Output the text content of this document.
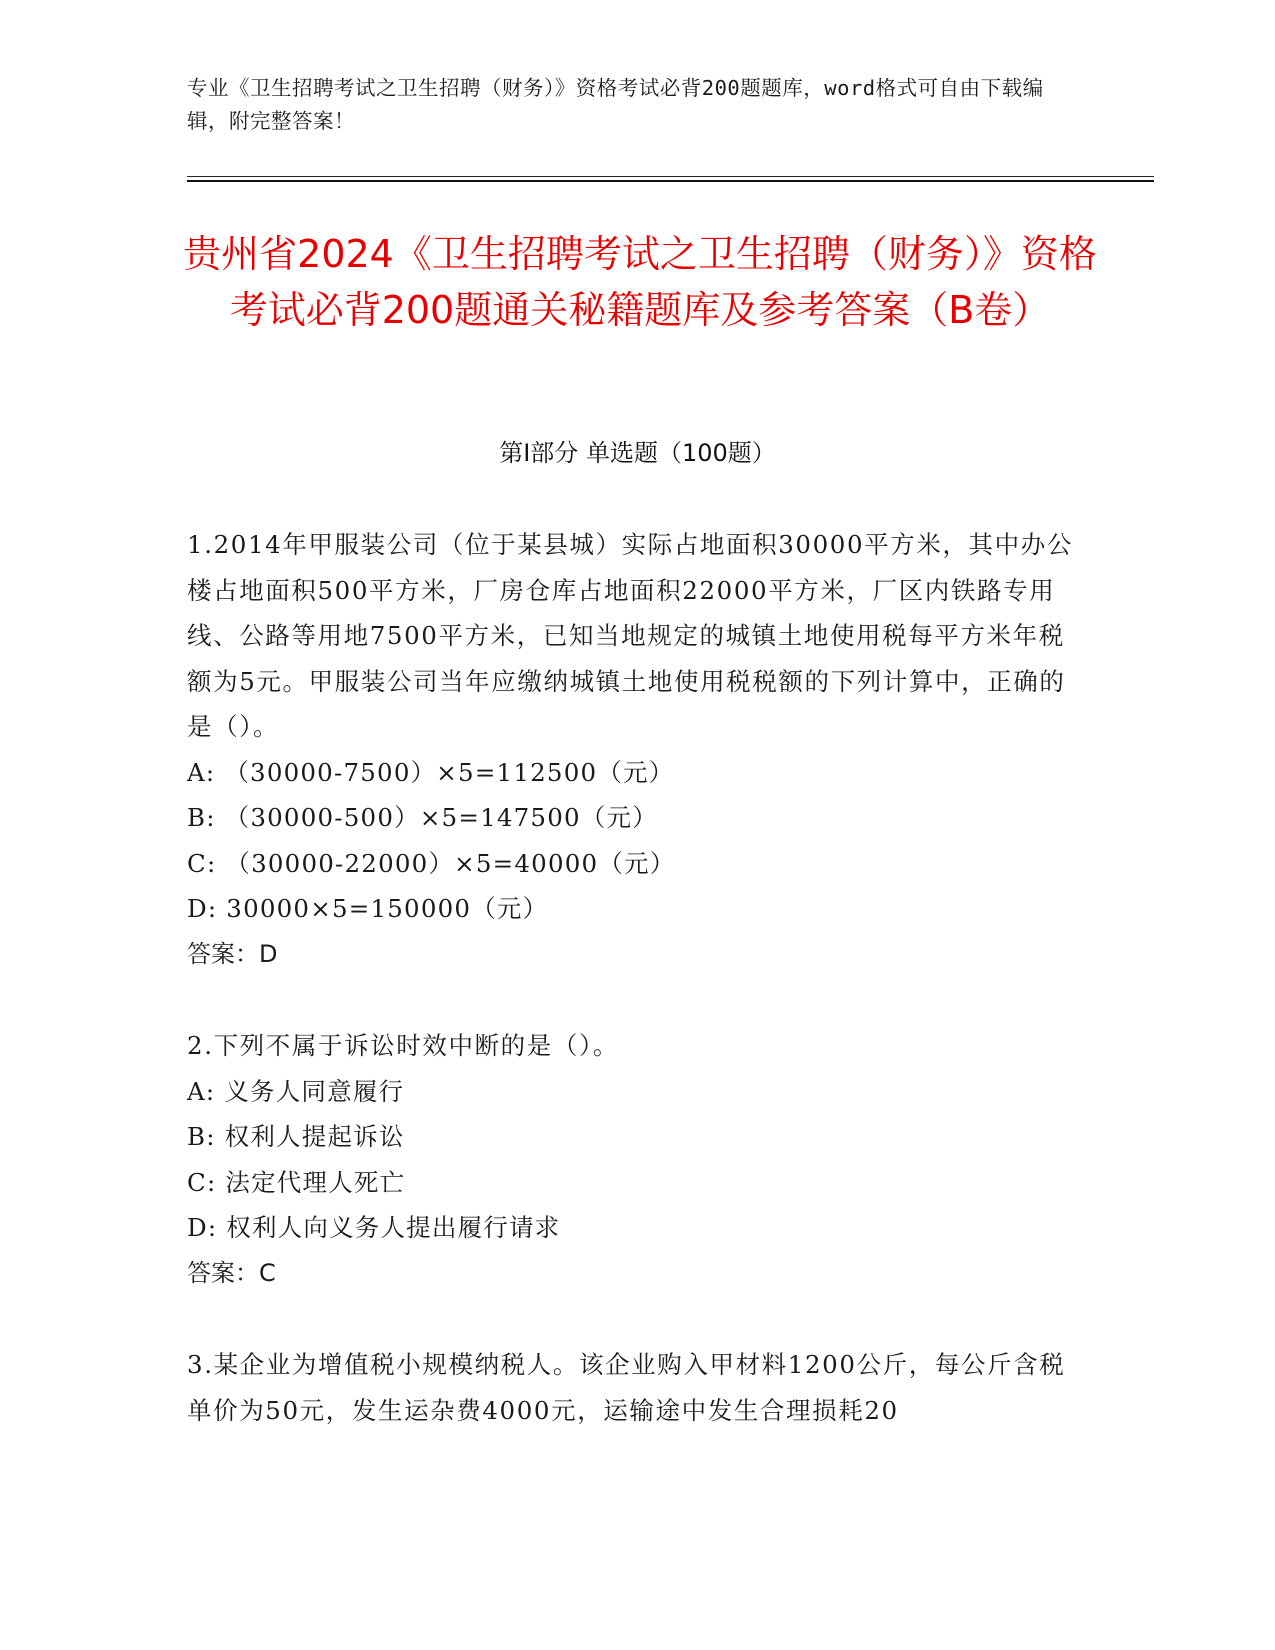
专业《卫生招聘考试之卫生招聘（财务）》资格考试必背200题题库，word格式可自由下载编辑，附完整答案！
贵州省2024《卫生招聘考试之卫生招聘（财务）》资格考试必背200题通关秘籍题库及参考答案（B卷）
第Ⅰ部分 单选题（100题）
1.2014年甲服装公司（位于某县城）实际占地面积30000平方米，其中办公楼占地面积500平方米，厂房仓库占地面积22000平方米，厂区内铁路专用线、公路等用地7500平方米，已知当地规定的城镇土地使用税每平方米年税额为5元。甲服装公司当年应缴纳城镇土地使用税税额的下列计算中，正确的是（）。
A: （30000-7500）×5=112500（元）
B: （30000-500）×5=147500（元）
C: （30000-22000）×5=40000（元）
D: 30000×5=150000（元）
答案：D
2.下列不属于诉讼时效中断的是（）。
A: 义务人同意履行
B: 权利人提起诉讼
C: 法定代理人死亡
D: 权利人向义务人提出履行请求
答案：C
3.某企业为增值税小规模纳税人。该企业购入甲材料1200公斤，每公斤含税单价为50元，发生运杂费4000元，运输途中发生合理损耗20
